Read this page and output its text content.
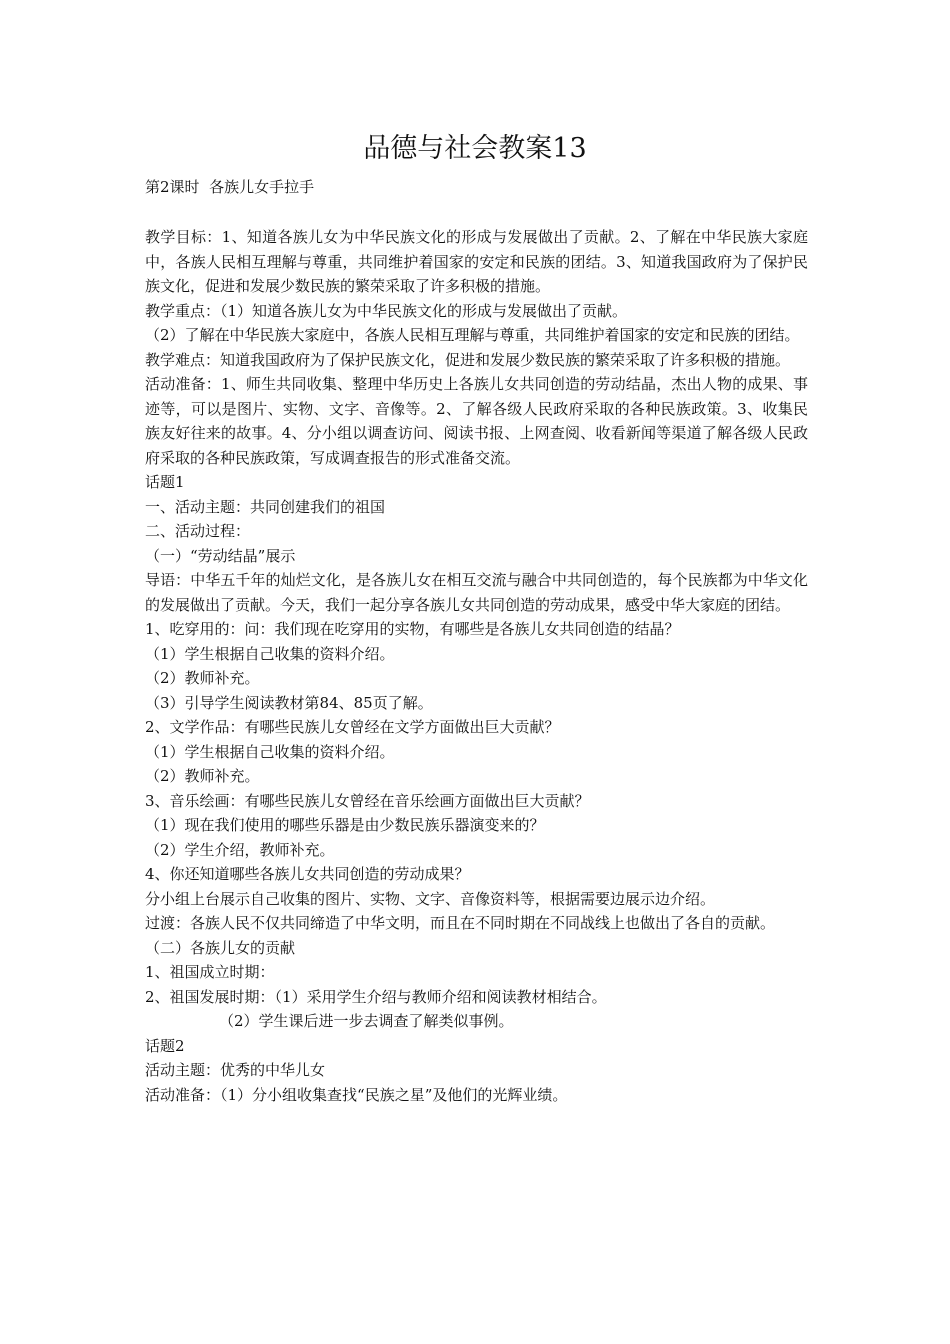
品德与社会教案13
第2课时  各族儿女手拉手

教学目标：1、知道各族儿女为中华民族文化的形成与发展做出了贡献。2、了解在中华民族大家庭中，各族人民相互理解与尊重，共同维护着国家的安定和民族的团结。3、知道我国政府为了保护民族文化，促进和发展少数民族的繁荣采取了许多积极的措施。

教学重点：（1）知道各族儿女为中华民族文化的形成与发展做出了贡献。

（2）了解在中华民族大家庭中，各族人民相互理解与尊重，共同维护着国家的安定和民族的团结。

教学难点：知道我国政府为了保护民族文化，促进和发展少数民族的繁荣采取了许多积极的措施。

活动准备：1、师生共同收集、整理中华历史上各族儿女共同创造的劳动结晶，杰出人物的成果、事迹等，可以是图片、实物、文字、音像等。2、了解各级人民政府采取的各种民族政策。3、收集民族友好往来的故事。4、分小组以调查访问、阅读书报、上网查阅、收看新闻等渠道了解各级人民政府采取的各种民族政策，写成调查报告的形式准备交流。

话题1

一、活动主题：共同创建我们的祖国

二、活动过程：

（一）“劳动结晶”展示

导语：中华五千年的灿烂文化，是各族儿女在相互交流与融合中共同创造的，每个民族都为中华文化的发展做出了贡献。今天，我们一起分享各族儿女共同创造的劳动成果，感受中华大家庭的团结。

1、吃穿用的：问：我们现在吃穿用的实物，有哪些是各族儿女共同创造的结晶？

（1）学生根据自己收集的资料介绍。

（2）教师补充。

（3）引导学生阅读教材第84、85页了解。

2、文学作品：有哪些民族儿女曾经在文学方面做出巨大贡献？

（1）学生根据自己收集的资料介绍。

（2）教师补充。

3、音乐绘画：有哪些民族儿女曾经在音乐绘画方面做出巨大贡献？

（1）现在我们使用的哪些乐器是由少数民族乐器演变来的？

（2）学生介绍，教师补充。

4、你还知道哪些各族儿女共同创造的劳动成果？

分小组上台展示自己收集的图片、实物、文字、音像资料等，根据需要边展示边介绍。

过渡：各族人民不仅共同缔造了中华文明，而且在不同时期在不同战线上也做出了各自的贡献。

（二）各族儿女的贡献

1、祖国成立时期：

2、祖国发展时期：（1）采用学生介绍与教师介绍和阅读教材相结合。

（2）学生课后进一步去调查了解类似事例。

话题2

活动主题：优秀的中华儿女

活动准备：（1）分小组收集查找“民族之星”及他们的光辉业绩。
